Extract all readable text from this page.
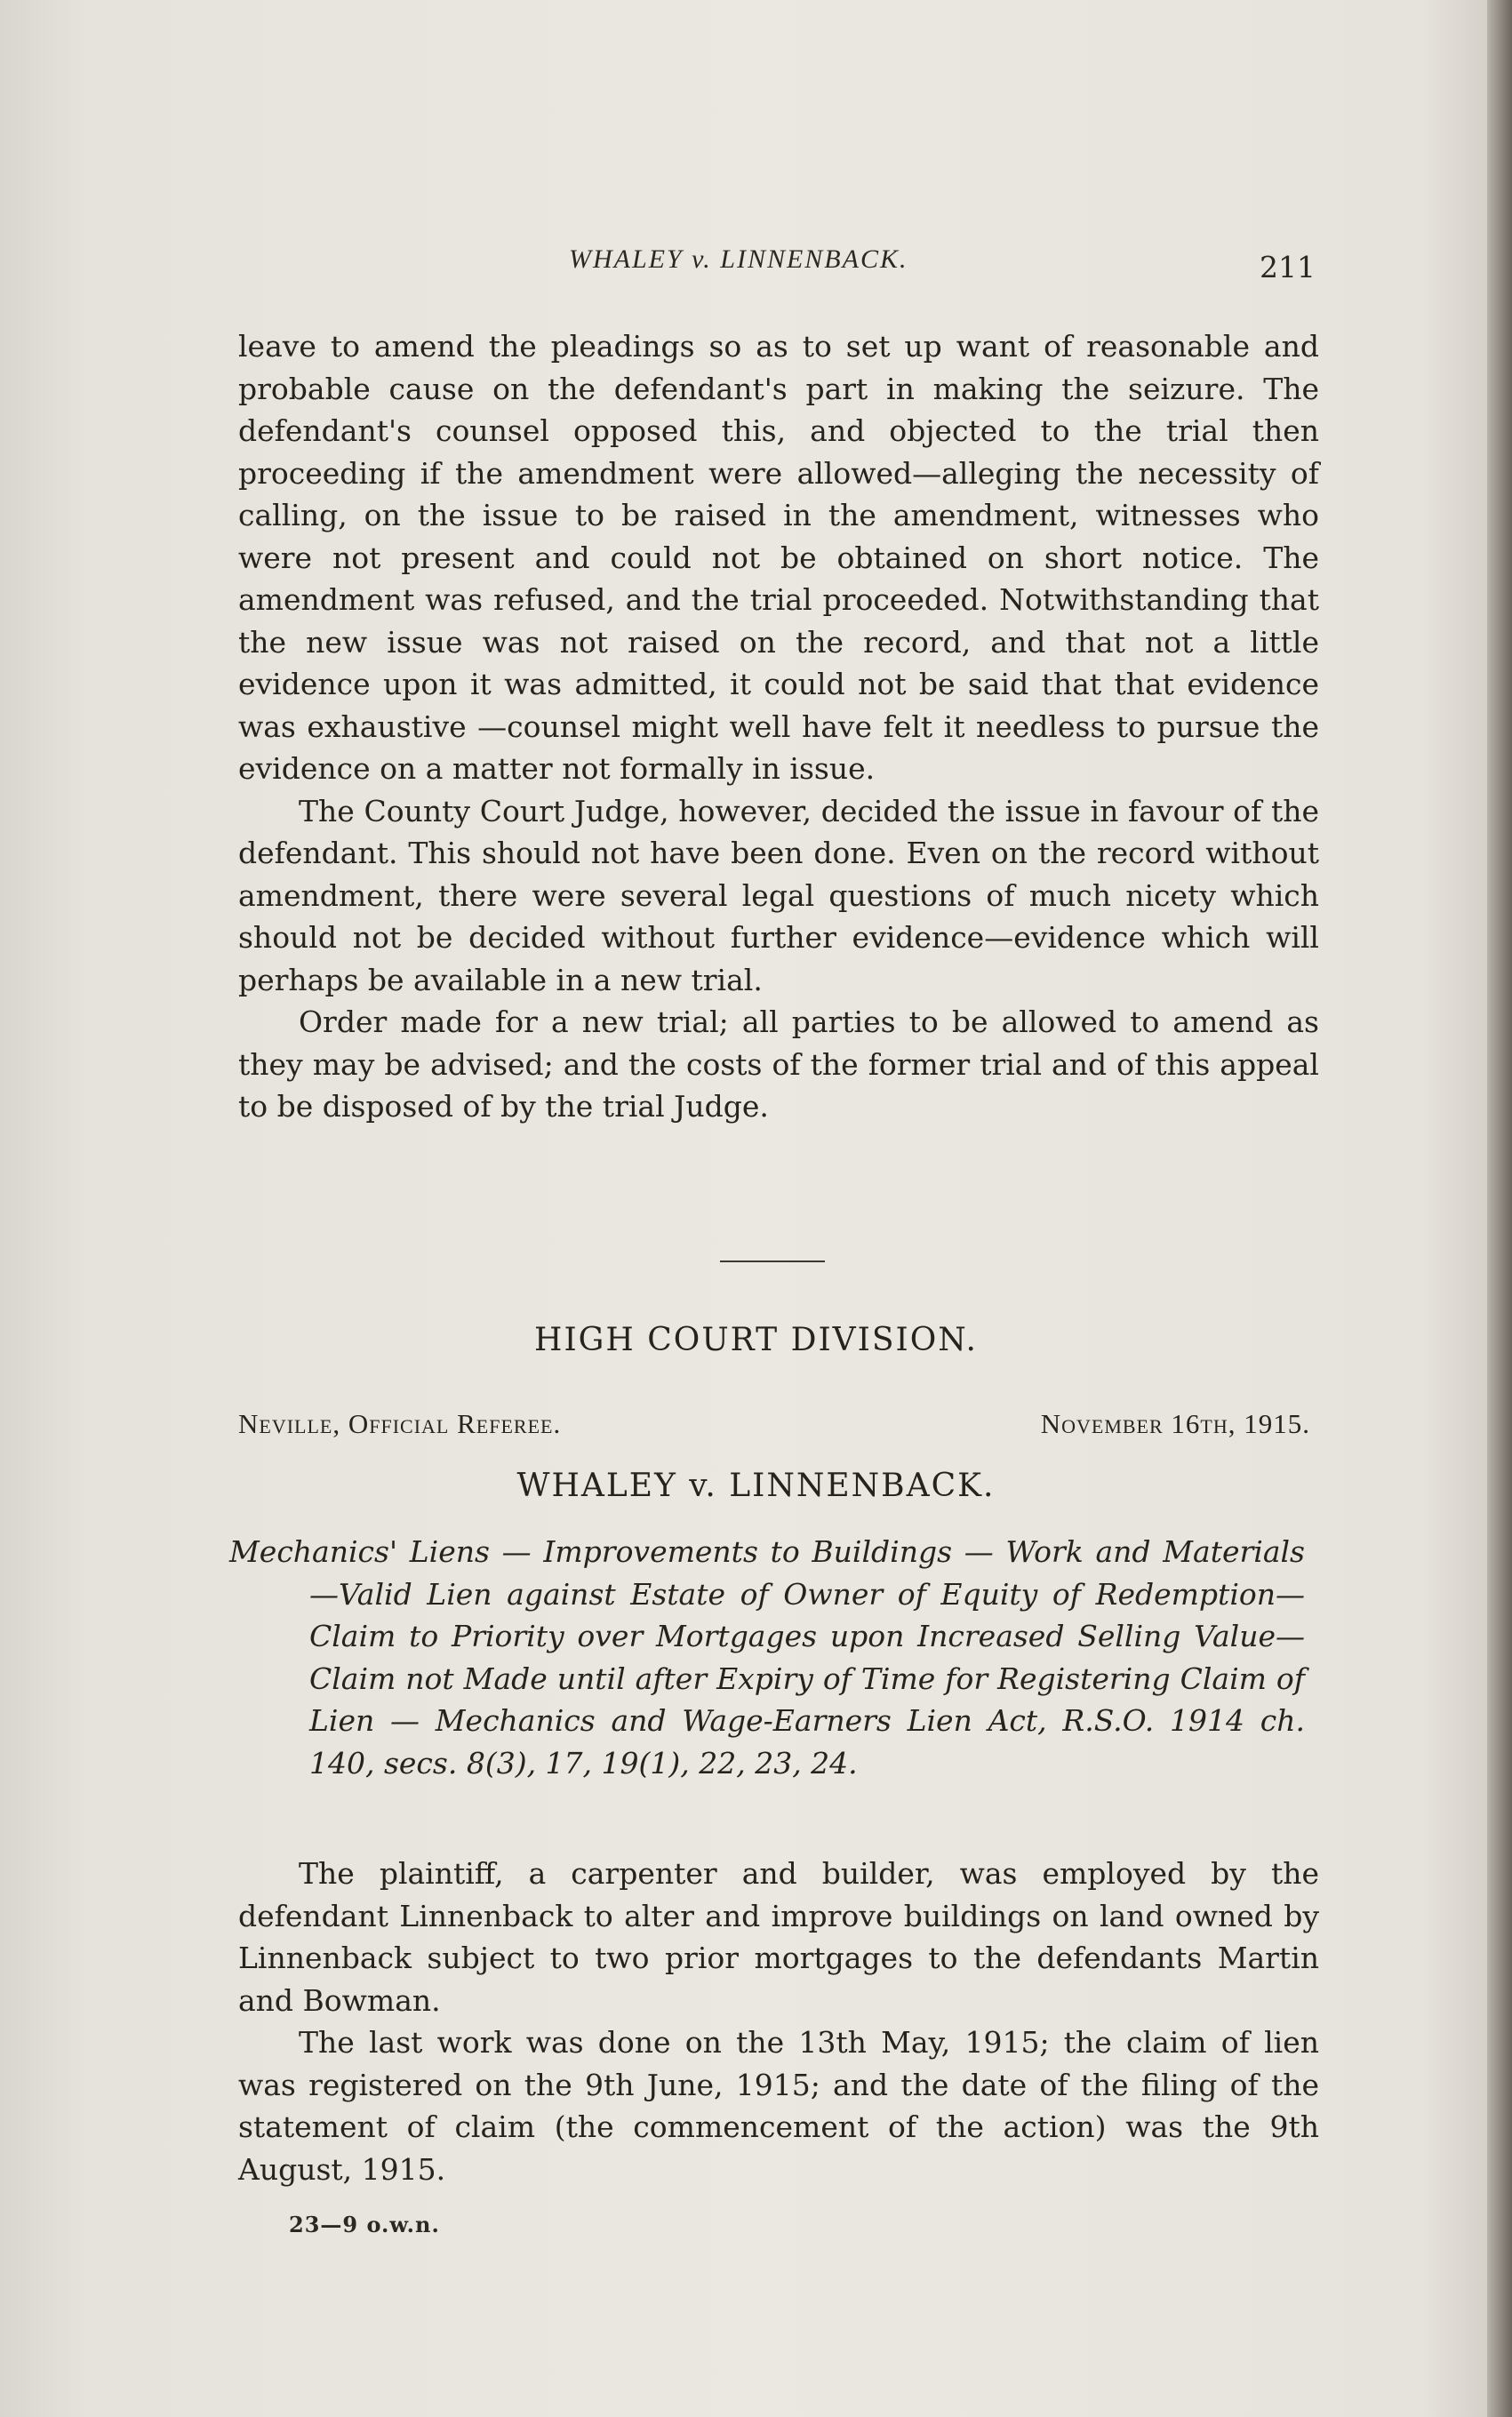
WHALEY v. LINNENBACK.	211

leave to amend the pleadings so as to set up want of reasonable and probable cause on the defendant's part in making the seizure. The defendant's counsel opposed this, and objected to the trial then proceeding if the amendment were allowed—alleging the necessity of calling, on the issue to be raised in the amendment, witnesses who were not present and could not be obtained on short notice. The amendment was refused, and the trial proceeded. Notwithstanding that the new issue was not raised on the record, and that not a little evidence upon it was admitted, it could not be said that that evidence was exhaustive —counsel might well have felt it needless to pursue the evidence on a matter not formally in issue.

The County Court Judge, however, decided the issue in favour of the defendant. This should not have been done. Even on the record without amendment, there were several legal questions of much nicety which should not be decided without further evidence—evidence which will perhaps be available in a new trial.

Order made for a new trial; all parties to be allowed to amend as they may be advised; and the costs of the former trial and of this appeal to be disposed of by the trial Judge.

HIGH COURT DIVISION.
Neville, Official Referee.	November 16th, 1915.
WHALEY v. LINNENBACK.
Mechanics' Liens — Improvements to Buildings — Work and Materials—Valid Lien against Estate of Owner of Equity of Redemption—Claim to Priority over Mortgages upon Increased Selling Value—Claim not Made until after Expiry of Time for Registering Claim of Lien — Mechanics and Wage-Earners Lien Act, R.S.O. 1914 ch. 140, secs. 8(3), 17, 19(1), 22, 23, 24.

The plaintiff, a carpenter and builder, was employed by the defendant Linnenback to alter and improve buildings on land owned by Linnenback subject to two prior mortgages to the defendants Martin and Bowman.

The last work was done on the 13th May, 1915; the claim of lien was registered on the 9th June, 1915; and the date of the filing of the statement of claim (the commencement of the action) was the 9th August, 1915.

23—9 o.w.n.
